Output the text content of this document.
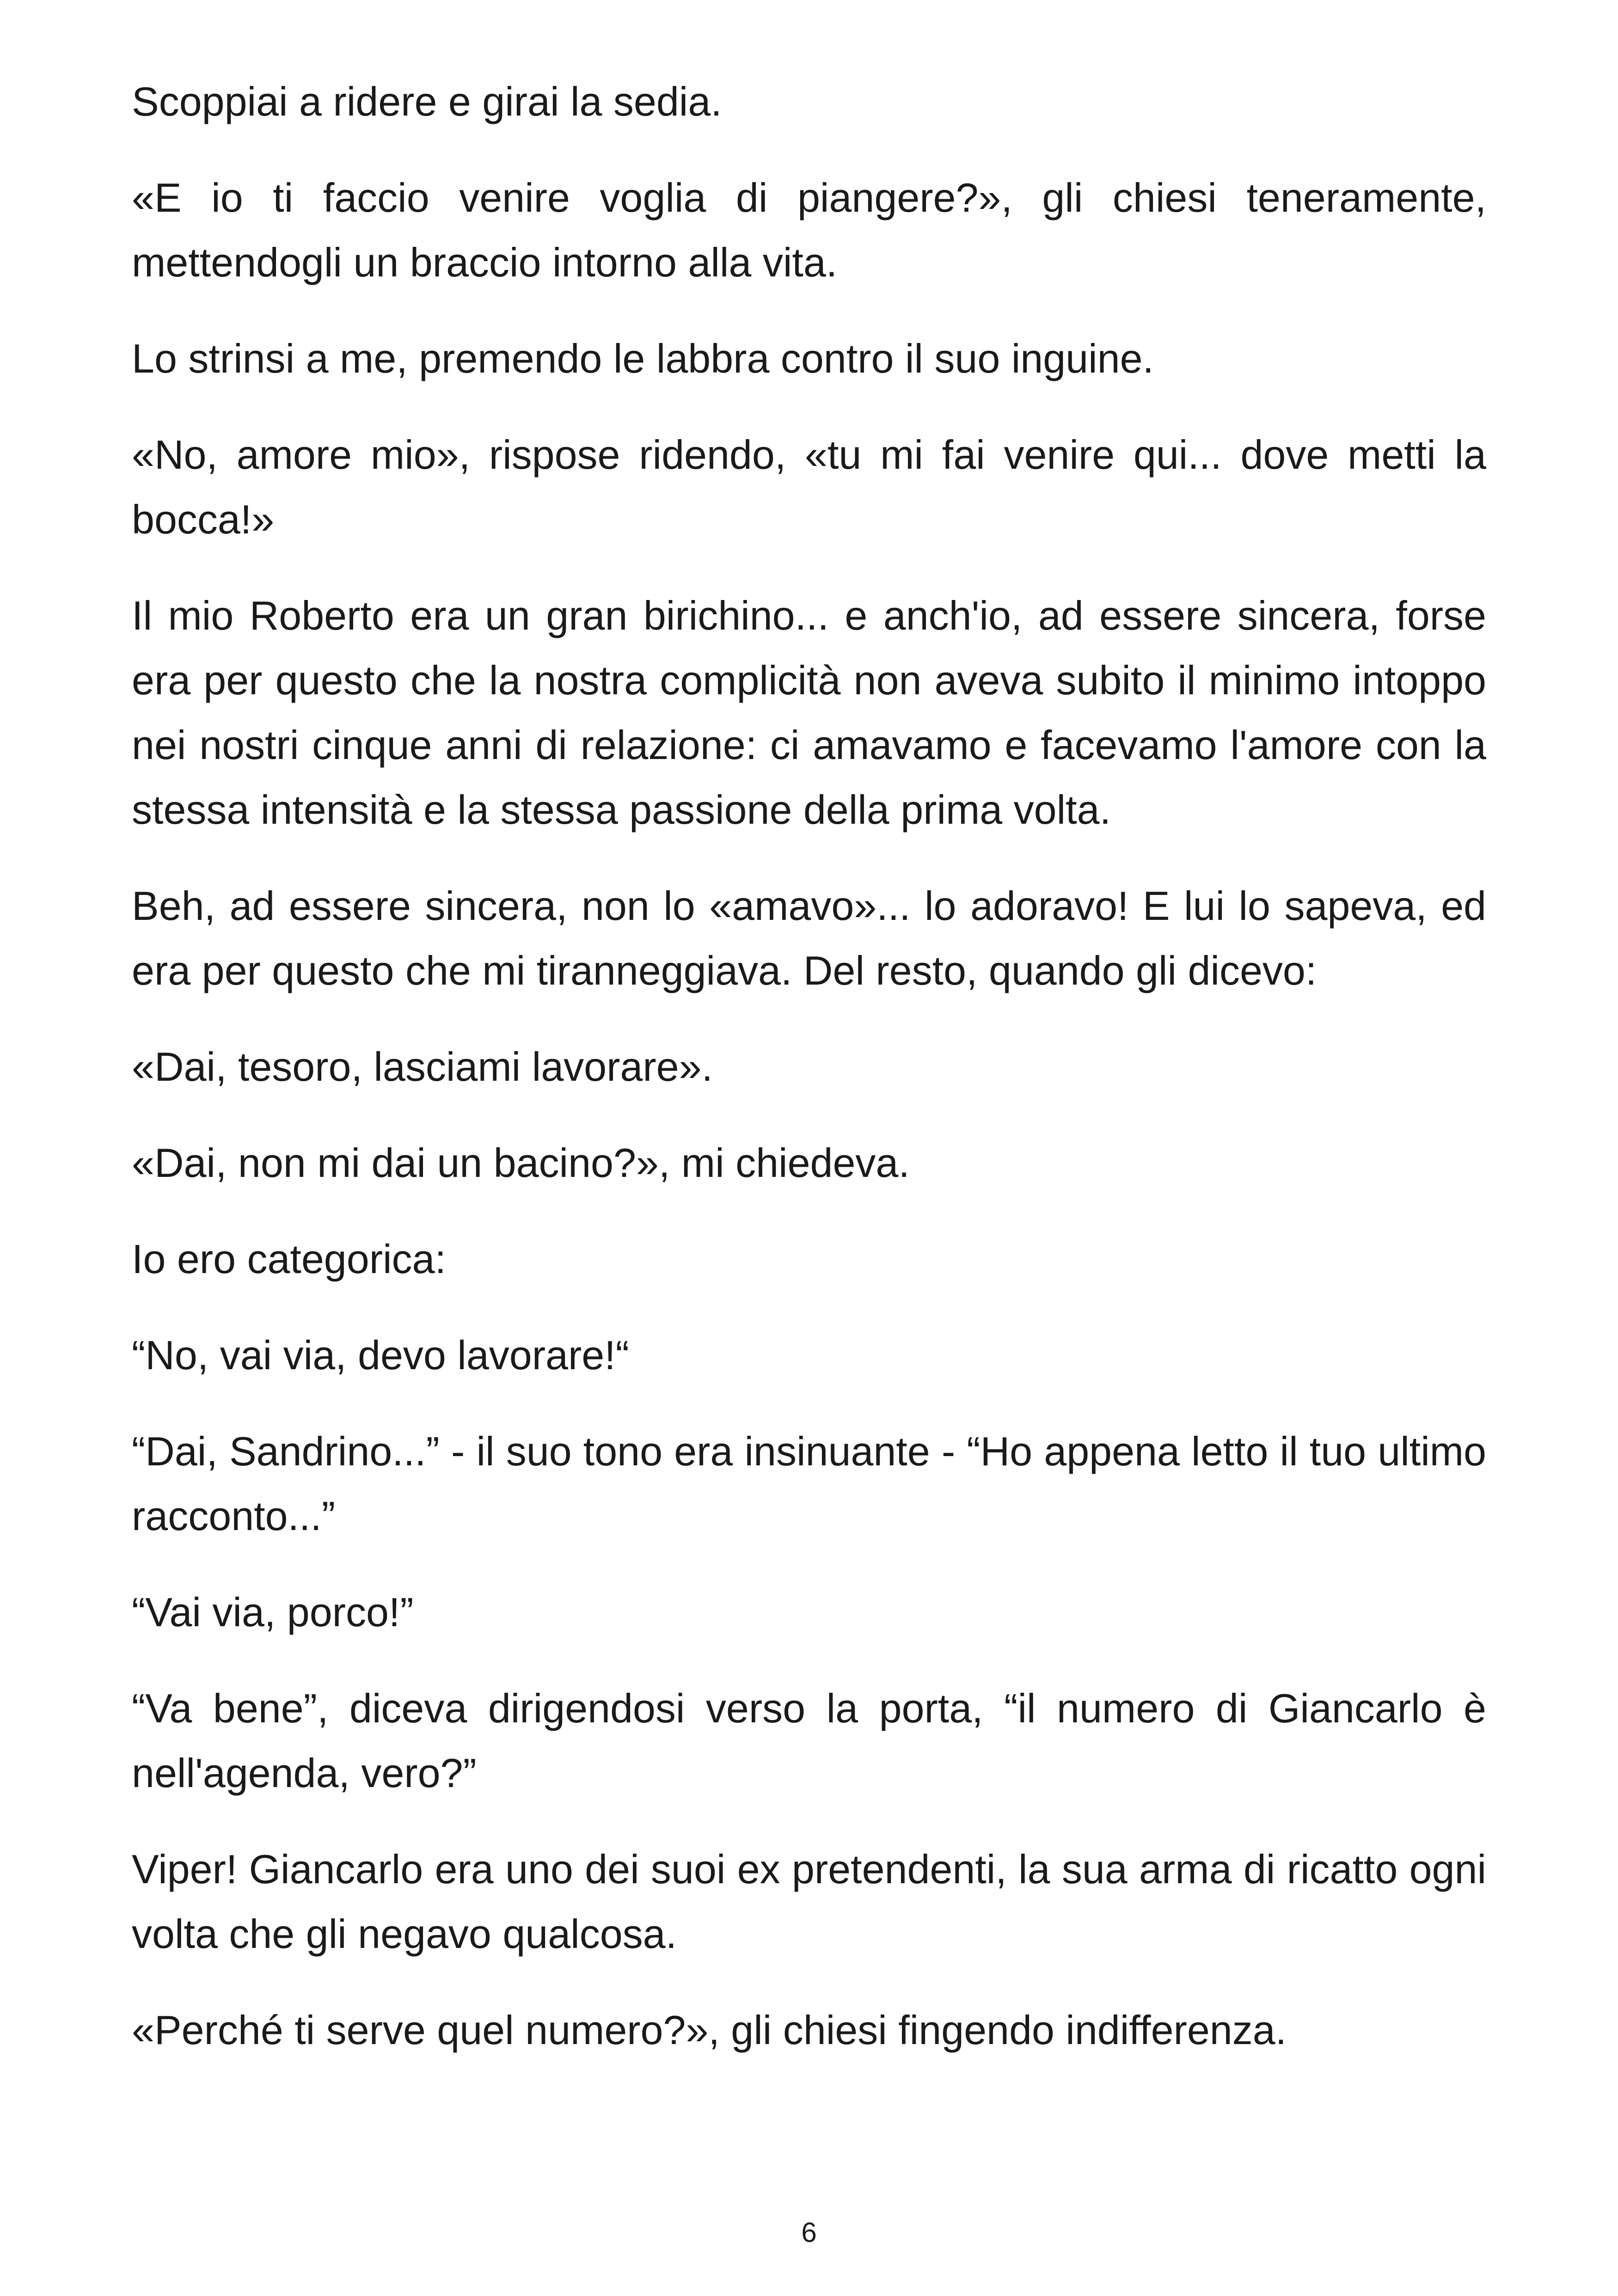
Scoppiai a ridere e girai la sedia.

«E io ti faccio venire voglia di piangere?», gli chiesi teneramente, mettendogli un braccio intorno alla vita.

Lo strinsi a me, premendo le labbra contro il suo inguine.

«No, amore mio», rispose ridendo, «tu mi fai venire qui... dove metti la bocca!»

Il mio Roberto era un gran birichino... e anch'io, ad essere sincera, forse era per questo che la nostra complicità non aveva subito il minimo intoppo nei nostri cinque anni di relazione: ci amavamo e facevamo l'amore con la stessa intensità e la stessa passione della prima volta.

Beh, ad essere sincera, non lo «amavo»... lo adoravo! E lui lo sapeva, ed era per questo che mi tiranneggiava. Del resto, quando gli dicevo:

«Dai, tesoro, lasciami lavorare».

«Dai, non mi dai un bacino?», mi chiedeva.

Io ero categorica:

“No, vai via, devo lavorare!“

“Dai, Sandrino...” - il suo tono era insinuante - “Ho appena letto il tuo ultimo racconto...”

“Vai via, porco!”

“Va bene”, diceva dirigendosi verso la porta, “il numero di Giancarlo è nell'agenda, vero?”

Viper! Giancarlo era uno dei suoi ex pretendenti, la sua arma di ricatto ogni volta che gli negavo qualcosa.

«Perché ti serve quel numero?», gli chiesi fingendo indifferenza.

6
